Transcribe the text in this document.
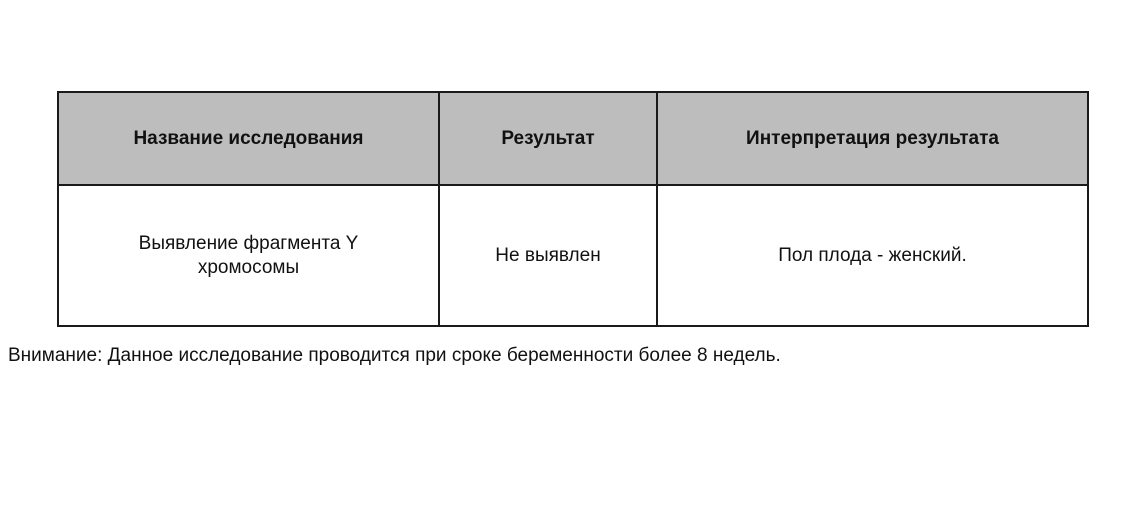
Название исследования	Результат	Интерпретация результата

Выявление фрагмента Y хромосомы	Не выявлен	Пол плода - женский.
Внимание: Данное исследование проводится при сроке беременности более 8 недель.
